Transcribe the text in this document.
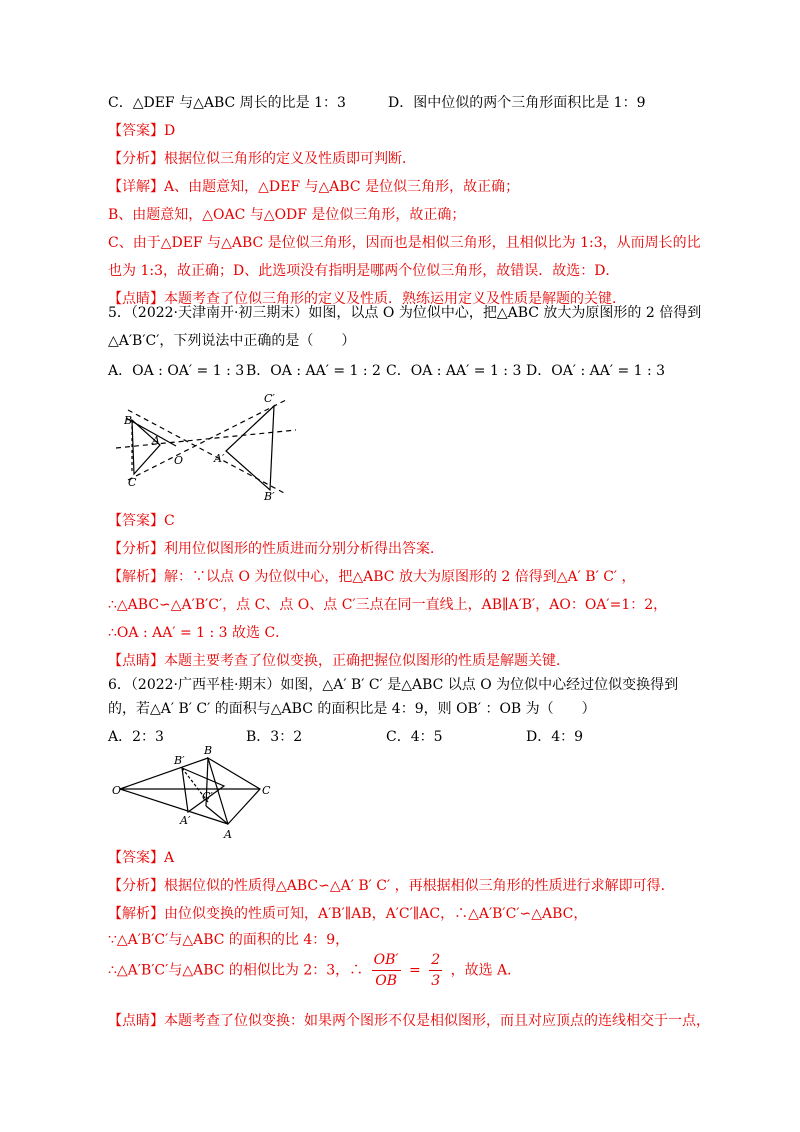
C．△DEF 与△ABC 周长的比是 1：3	D．图中位似的两个三角形面积比是 1：9
【答案】D
【分析】根据位似三角形的定义及性质即可判断．
【详解】A、由题意知，△DEF 与△ABC 是位似三角形，故正确；
B、由题意知，△OAC 与△ODF 是位似三角形，故正确；
C、由于△DEF 与△ABC 是位似三角形，因而也是相似三角形，且相似比为 1:3，从而周长的比
也为 1:3，故正确；D、此选项没有指明是哪两个位似三角形，故错误．故选：D．
【点睛】本题考查了位似三角形的定义及性质．熟练运用定义及性质是解题的关键．
5．（2022·天津南开·初三期末）如图，以点 O 为位似中心，把△ABC 放大为原图形的 2 倍得到
△A′B′C′，下列说法中正确的是（　　）
A．OA : OA′ = 1 : 3 B．OA : AA′ = 1 : 2 C．OA : AA′ = 1 : 3 D．OA′ : AA′ = 1 : 3
B
A
O
C
A′
C′
B′
【答案】C
【分析】利用位似图形的性质进而分别分析得出答案．
【解析】解：∵以点 O 为位似中心，把△ABC 放大为原图形的 2 倍得到△A′ B′ C′ ，
∴△ABC∽△A′B′C′，点 C、点 O、点 C′三点在同一直线上，AB∥A′B′，AO：OA′=1：2，
∴OA : AA′ = 1 : 3 故选 C．
【点睛】本题主要考查了位似变换，正确把握位似图形的性质是解题关键．
6．（2022·广西平桂·期末）如图，△A′ B′ C′ 是△ABC 以点 O 为位似中心经过位似变换得到
的，若△A′ B′ C′ 的面积与△ABC 的面积比是 4：9，则 OB′ ：OB 为（　　）
A．2：3	B．3：2	C．4：5	D．4：9
O
B
B′
C′	C
A′
A
【答案】A
【分析】根据位似的性质得△ABC∽△A′ B′ C′ ，再根据相似三角形的性质进行求解即可得．
【解析】由位似变换的性质可知，A′B′∥AB，A′C′∥AC，∴△A′B′C′∽△ABC，
∵△A′B′C′与△ABC 的面积的比 4：9，
∴△A′B′C′与△ABC 的相似比为 2：3，∴ $\frac{OB'}{OB} = \frac{2}{3}$ ，故选 A．
【点睛】本题考查了位似变换：如果两个图形不仅是相似图形，而且对应顶点的连线相交于一点，
